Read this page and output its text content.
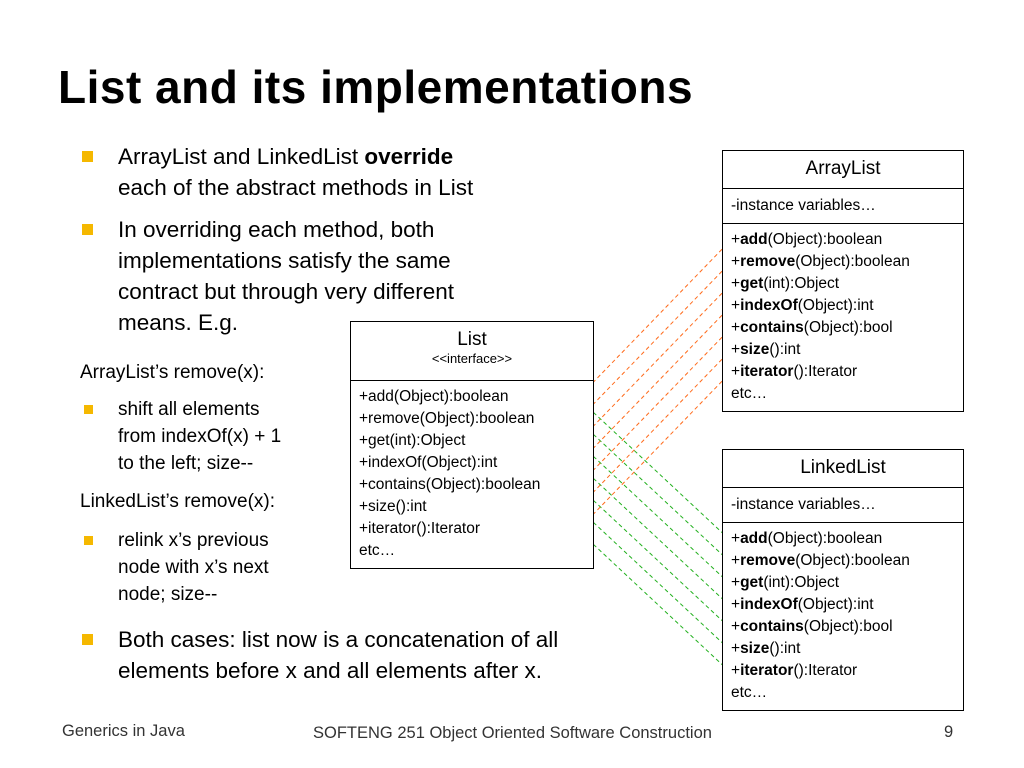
List and its implementations
ArrayList and LinkedList override
each of the abstract methods in List
In overriding each method, both
implementations satisfy the same
contract but through very different
means. E.g.
ArrayList’s remove(x):
shift all elements
from indexOf(x) + 1
to the left; size--
LinkedList’s remove(x):
relink x’s previous
node with x’s next
node; size--
Both cases: list now is a concatenation of all
elements before x and all elements after x.
List
<<interface>>
+add(Object):boolean
+remove(Object):boolean
+get(int):Object
+indexOf(Object):int
+contains(Object):boolean
+size():int
+iterator():Iterator
etc…
ArrayList
-instance variables…
+add(Object):boolean
+remove(Object):boolean
+get(int):Object
+indexOf(Object):int
+contains(Object):bool
+size():int
+iterator():Iterator
etc…
LinkedList
-instance variables…
+add(Object):boolean
+remove(Object):boolean
+get(int):Object
+indexOf(Object):int
+contains(Object):bool
+size():int
+iterator():Iterator
etc…
Generics in Java	SOFTENG 251 Object Oriented Software Construction	9
